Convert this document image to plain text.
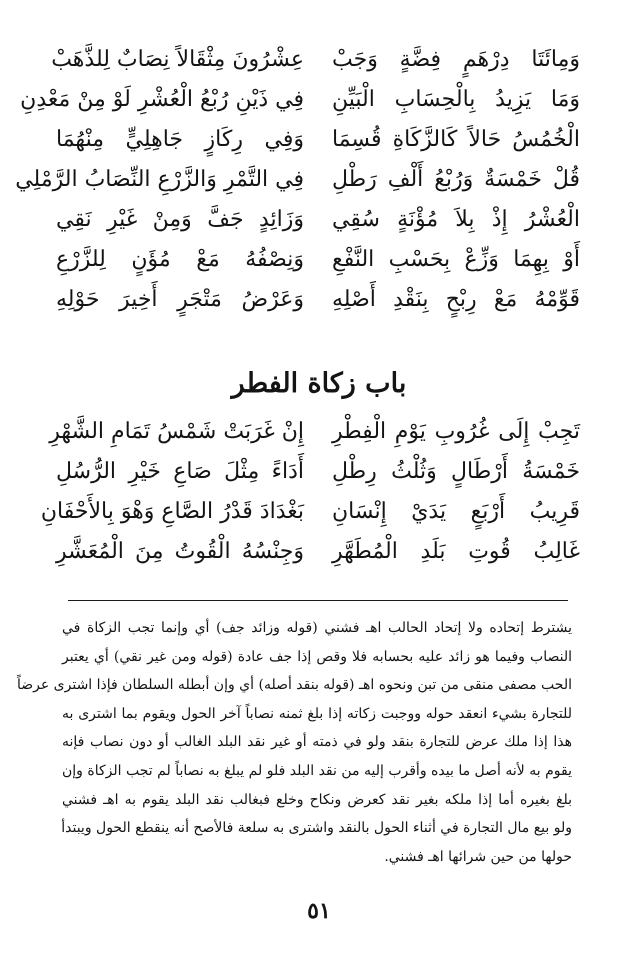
عِشْرُونَ مِثْقَالاً نِصَابٌ لِلذَّهَبْ وَمِائَتَا دِرْهَمٍ فِضَّةٍ وَجَبْ
فِي ذَيْنِ رُبْعُ الْعُشْرِ لَوْ مِنْ مَعْدِنِ وَمَا يَزِيدُ بِالْحِسَابِ الْبَيِّنِ
وَفِي رِكَازٍ جَاهِلِيٍّ مِنْهُمَا الْخُمُسُ حَالاً كَالزَّكَاةِ قُسِمَا
فِي التَّمْرِ وَالزَّرْعِ النِّصَابُ الرَّمْلِي قُلْ خَمْسَةٌ وَرُبْعُ أَلْفِ رَطْلِ
وَزَائِدٍ جَفَّ وَمِنْ غَيْرِ نَقِي الْعُشْرُ إِذْ بِلاَ مُؤْنَةٍ سُقِي
وَنِصْفُهُ مَعْ مُؤَنٍ لِلزَّرْعِ أَوْ بِهِمَا وَزِّعْ بِحَسْبِ النَّفْعِ
وَعَرْضُ مَتْجَرٍ أَخِيرَ حَوْلِهِ قَوِّمْهُ مَعْ رِبْحٍ بِنَقْدِ أَصْلِهِ
باب زكاة الفطر
إِنْ غَرَبَتْ شَمْسُ تَمَامِ الشَّهْرِ تَجِبْ إِلَى غُرُوبِ يَوْمِ الْفِطْرِ
أَدَاءً مِثْلَ صَاعِ خَيْرِ الرُّسُلِ خَمْسَةُ أَرْطَالٍ وَثُلْثُ رِطْلِ
بَغْدَادَ قَدْرُ الصَّاعِ وَهْوَ بِالأَحْفَانِ قَرِيبُ أَرْبَعٍ يَدَيْ إِنْسَانِ
وَجِنْسُهُ الْقُوتُ مِنَ الْمُعَشَّرِ غَالِبُ قُوتِ بَلَدِ الْمُطَهَّرِ
يشترط إتحاده ولا إتحاد الحالب اهـ فشني (قوله وزائد جف) أي وإنما تجب الزكاة في
النصاب وفيما هو زائد عليه بحسابه فلا وقص إذا جف عادة (قوله ومن غير نقي) أي يعتبر
الحب مصفى منقى من تبن ونحوه اهـ (قوله بنقد أصله) أي وإن أبطله السلطان فإذا اشترى عرضاً
للتجارة بشيء انعقد حوله ووجبت زكاته إذا بلغ ثمنه نصاباً آخر الحول ويقوم بما اشترى به
هذا إذا ملك عرض للتجارة بنقد ولو في ذمته أو غير نقد البلد الغالب أو دون نصاب فإنه
يقوم به لأنه أصل ما بيده وأقرب إليه من نقد البلد فلو لم يبلغ به نصاباً لم تجب الزكاة وإن
بلغ بغيره أما إذا ملكه بغير نقد كعرض ونكاح وخلع فبغالب نقد البلد يقوم به اهـ فشني
ولو بيع مال التجارة في أثناء الحول بالنقد واشترى به سلعة فالأصح أنه ينقطع الحول ويبتدأ
حولها من حين شرائها اهـ فشني.
٥١
